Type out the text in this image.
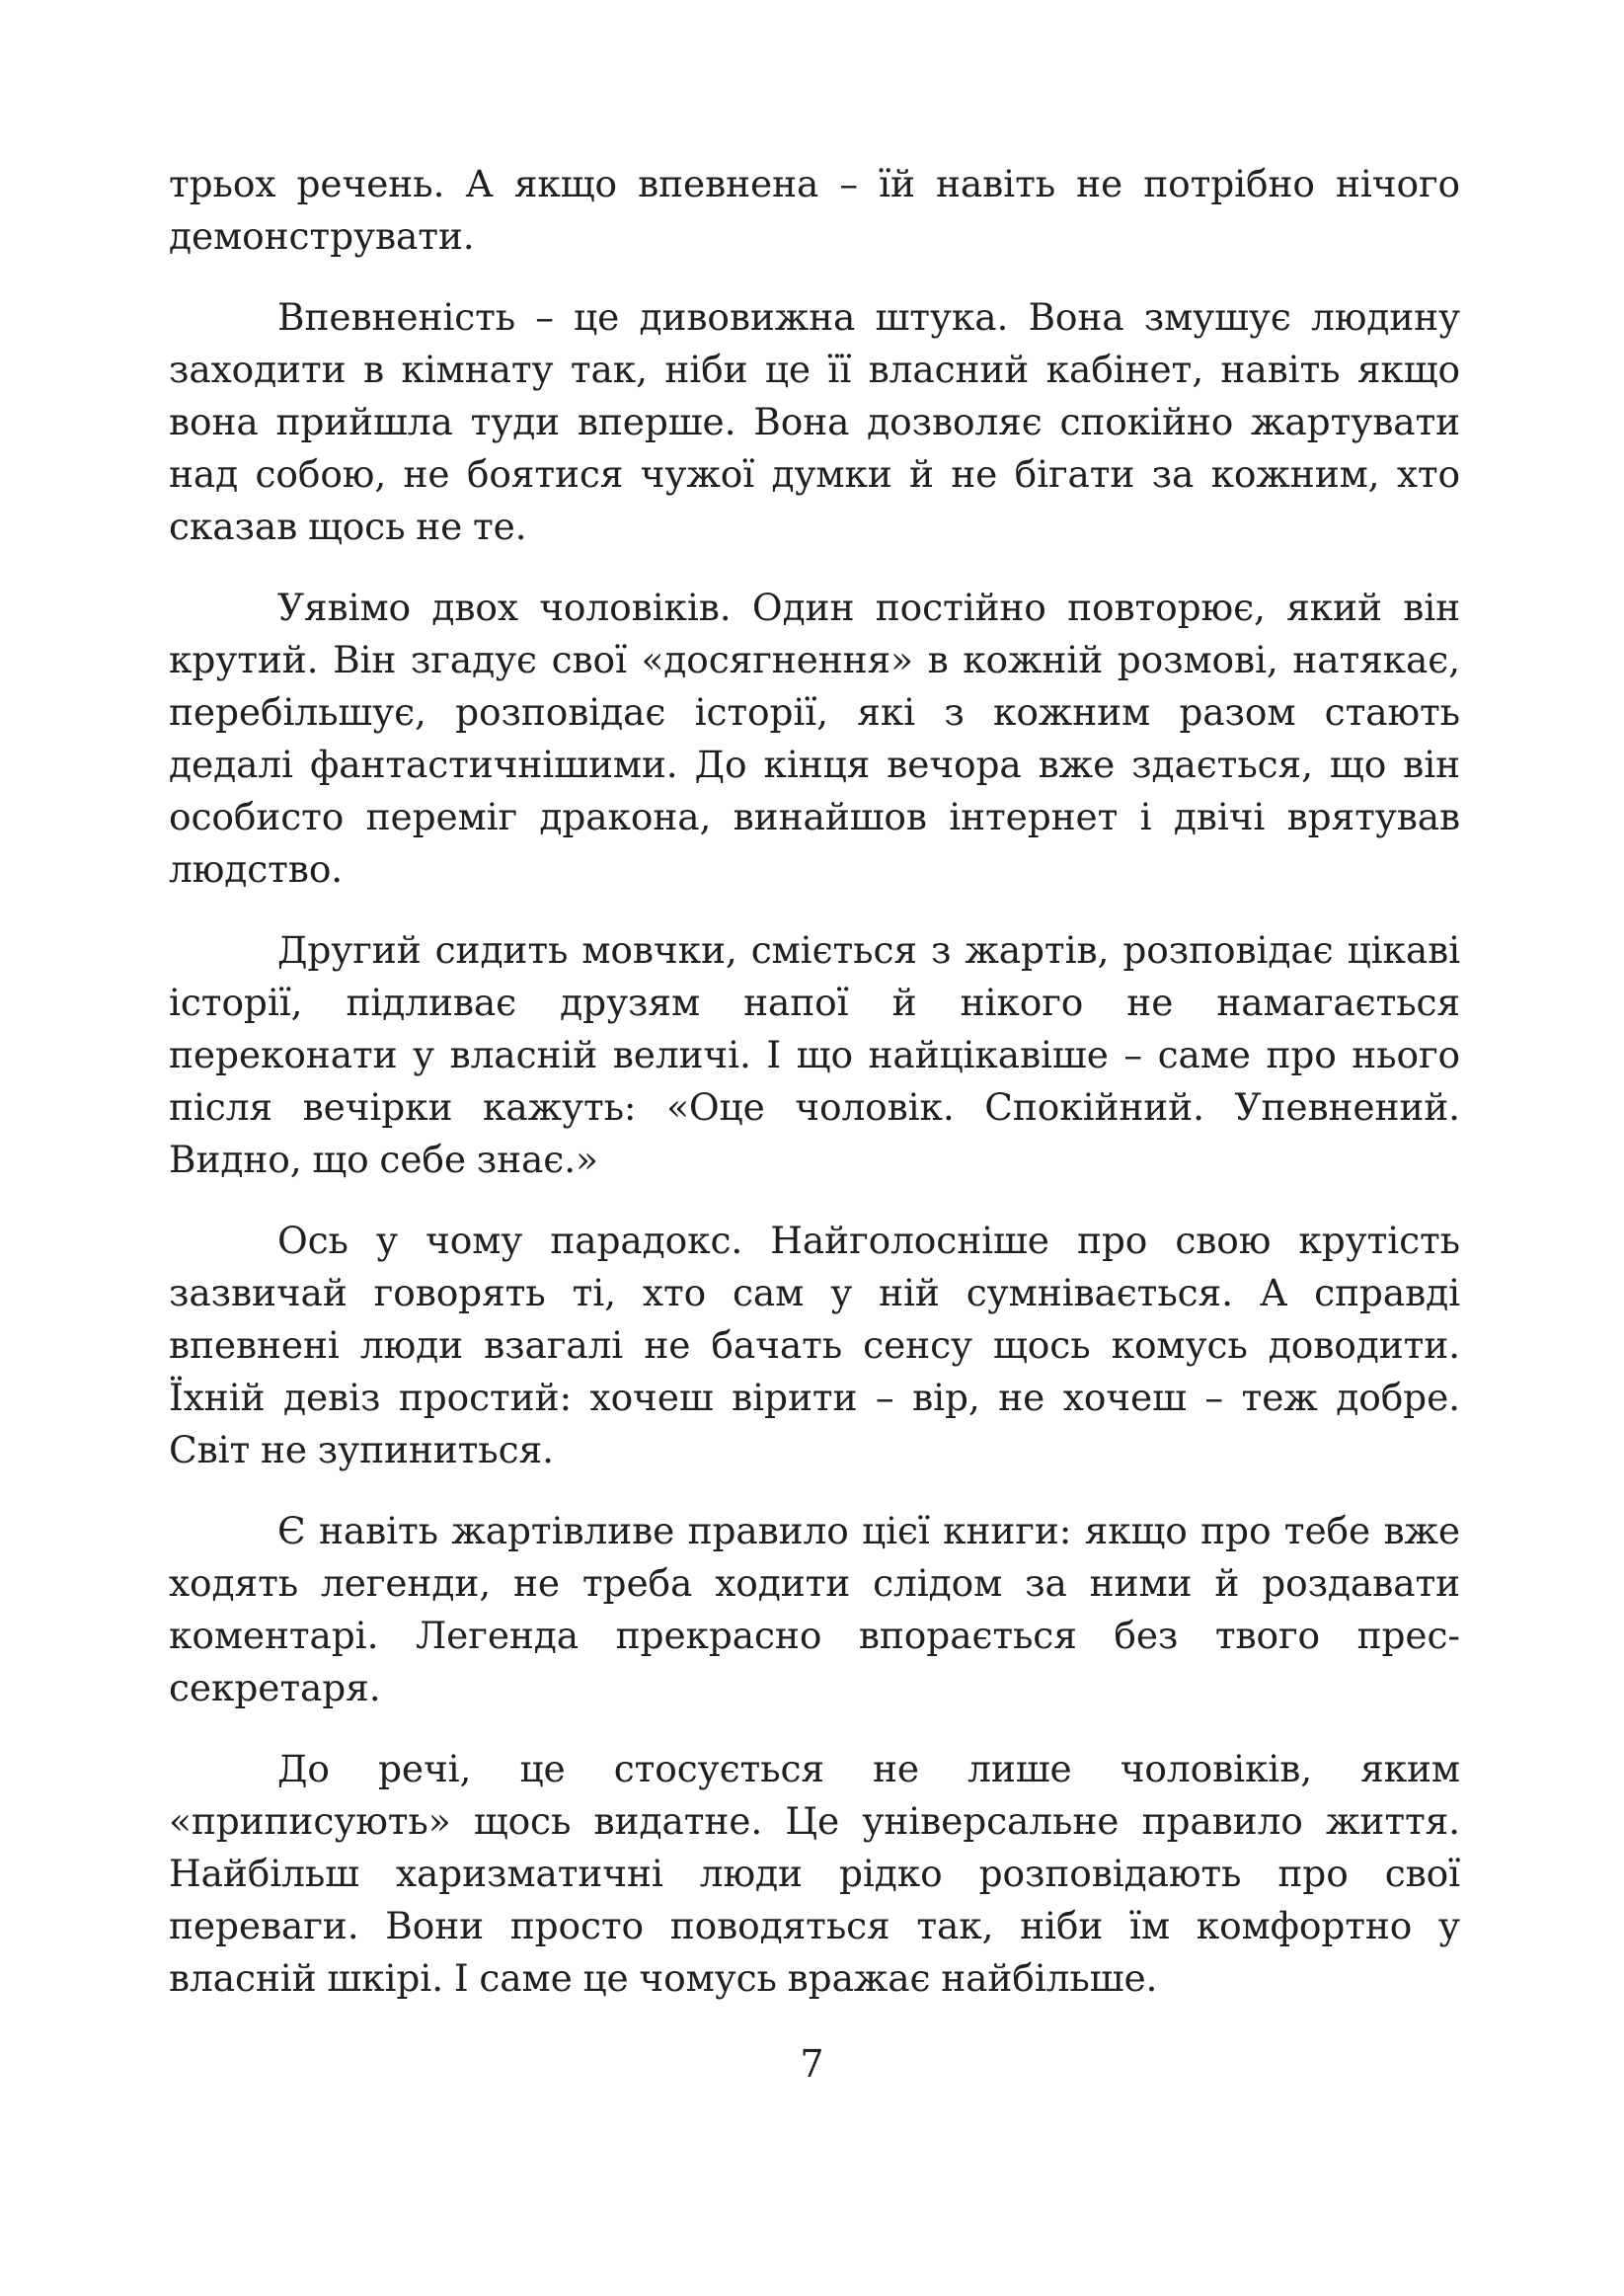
трьох речень. А якщо впевнена – їй навіть не потрібно нічого демонструвати.

Впевненість – це дивовижна штука. Вона змушує людину заходити в кімнату так, ніби це її власний кабінет, навіть якщо вона прийшла туди вперше. Вона дозволяє спокійно жартувати над собою, не боятися чужої думки й не бігати за кожним, хто сказав щось не те.

Уявімо двох чоловіків. Один постійно повторює, який він крутий. Він згадує свої «досягнення» в кожній розмові, натякає, перебільшує, розповідає історії, які з кожним разом стають дедалі фантастичнішими. До кінця вечора вже здається, що він особисто переміг дракона, винайшов інтернет і двічі врятував людство.

Другий сидить мовчки, сміється з жартів, розповідає цікаві історії, підливає друзям напої й нікого не намагається переконати у власній величі. І що найцікавіше – саме про нього після вечірки кажуть: «Оце чоловік. Спокійний. Упевнений. Видно, що себе знає.»

Ось у чому парадокс. Найголосніше про свою крутість зазвичай говорять ті, хто сам у ній сумнівається. А справді впевнені люди взагалі не бачать сенсу щось комусь доводити. Їхній девіз простий: хочеш вірити – вір, не хочеш – теж добре. Світ не зупиниться.

Є навіть жартівливе правило цієї книги: якщо про тебе вже ходять легенди, не треба ходити слідом за ними й роздавати коментарі. Легенда прекрасно впорається без твого прес-секретаря.

До речі, це стосується не лише чоловіків, яким «приписують» щось видатне. Це універсальне правило життя. Найбільш харизматичні люди рідко розповідають про свої переваги. Вони просто поводяться так, ніби їм комфортно у власній шкірі. І саме це чомусь вражає найбільше.

7
